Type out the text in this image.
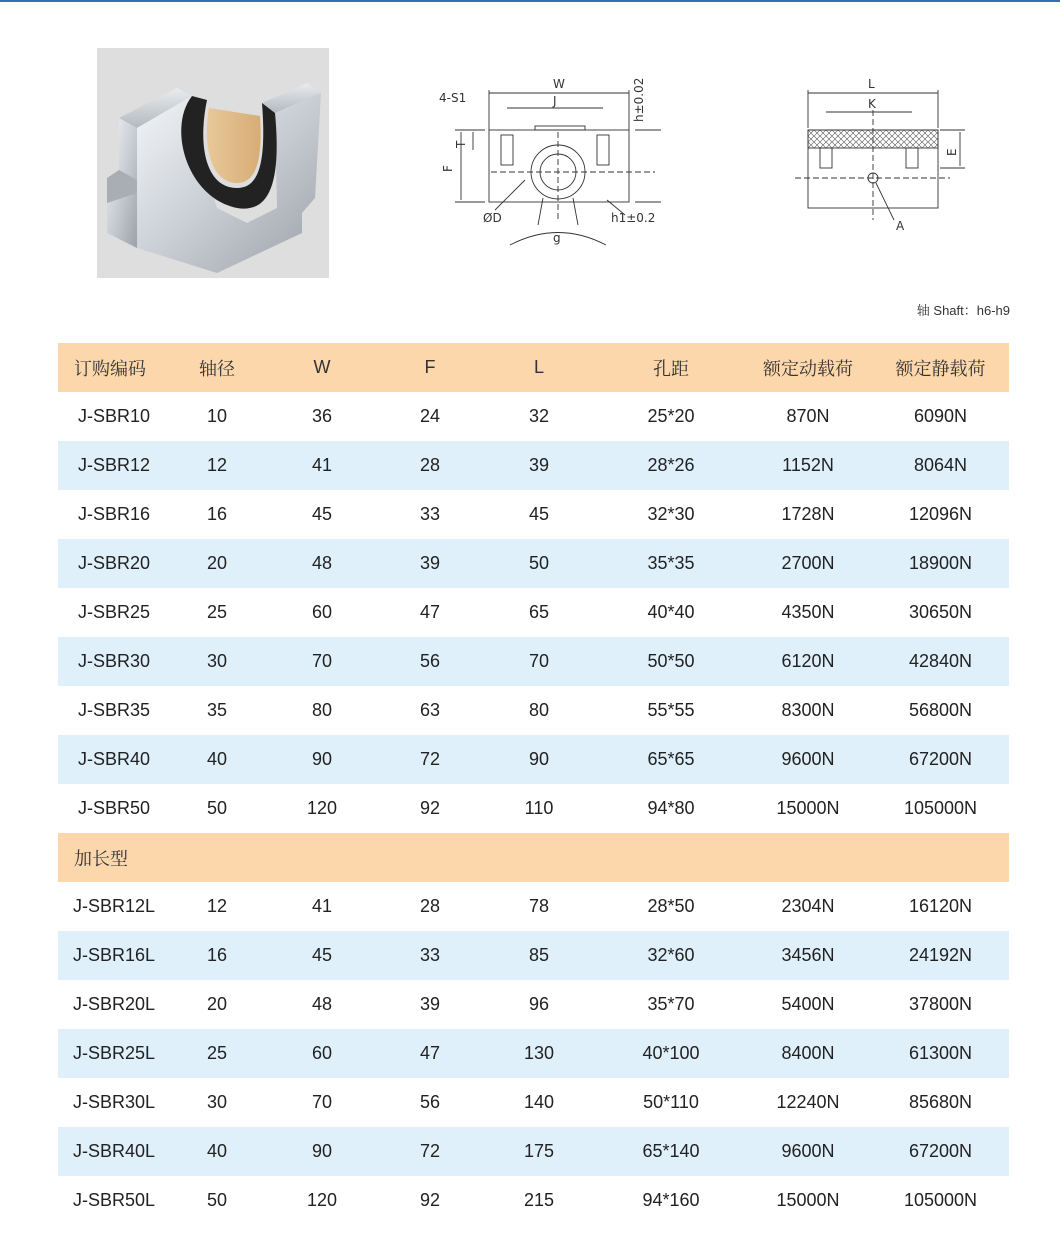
4-S1
W
J	h±0.02
T
F
ØD	h1±0.2
g
L
K
E
A
轴 Shaft：h6-h9
订购编码	轴径	W	F	L	孔距	额定动载荷	额定静载荷
J-SBR10	10	36	24	32	25*20	870N	6090N
J-SBR12	12	41	28	39	28*26	1152N	8064N
J-SBR16	16	45	33	45	32*30	1728N	12096N
J-SBR20	20	48	39	50	35*35	2700N	18900N
J-SBR25	25	60	47	65	40*40	4350N	30650N
J-SBR30	30	70	56	70	50*50	6120N	42840N
J-SBR35	35	80	63	80	55*55	8300N	56800N
J-SBR40	40	90	72	90	65*65	9600N	67200N
J-SBR50	50	120	92	110	94*80	15000N	105000N
加长型							
J-SBR12L	12	41	28	78	28*50	2304N	16120N
J-SBR16L	16	45	33	85	32*60	3456N	24192N
J-SBR20L	20	48	39	96	35*70	5400N	37800N
J-SBR25L	25	60	47	130	40*100	8400N	61300N
J-SBR30L	30	70	56	140	50*110	12240N	85680N
J-SBR40L	40	90	72	175	65*140	9600N	67200N
J-SBR50L	50	120	92	215	94*160	15000N	105000N
